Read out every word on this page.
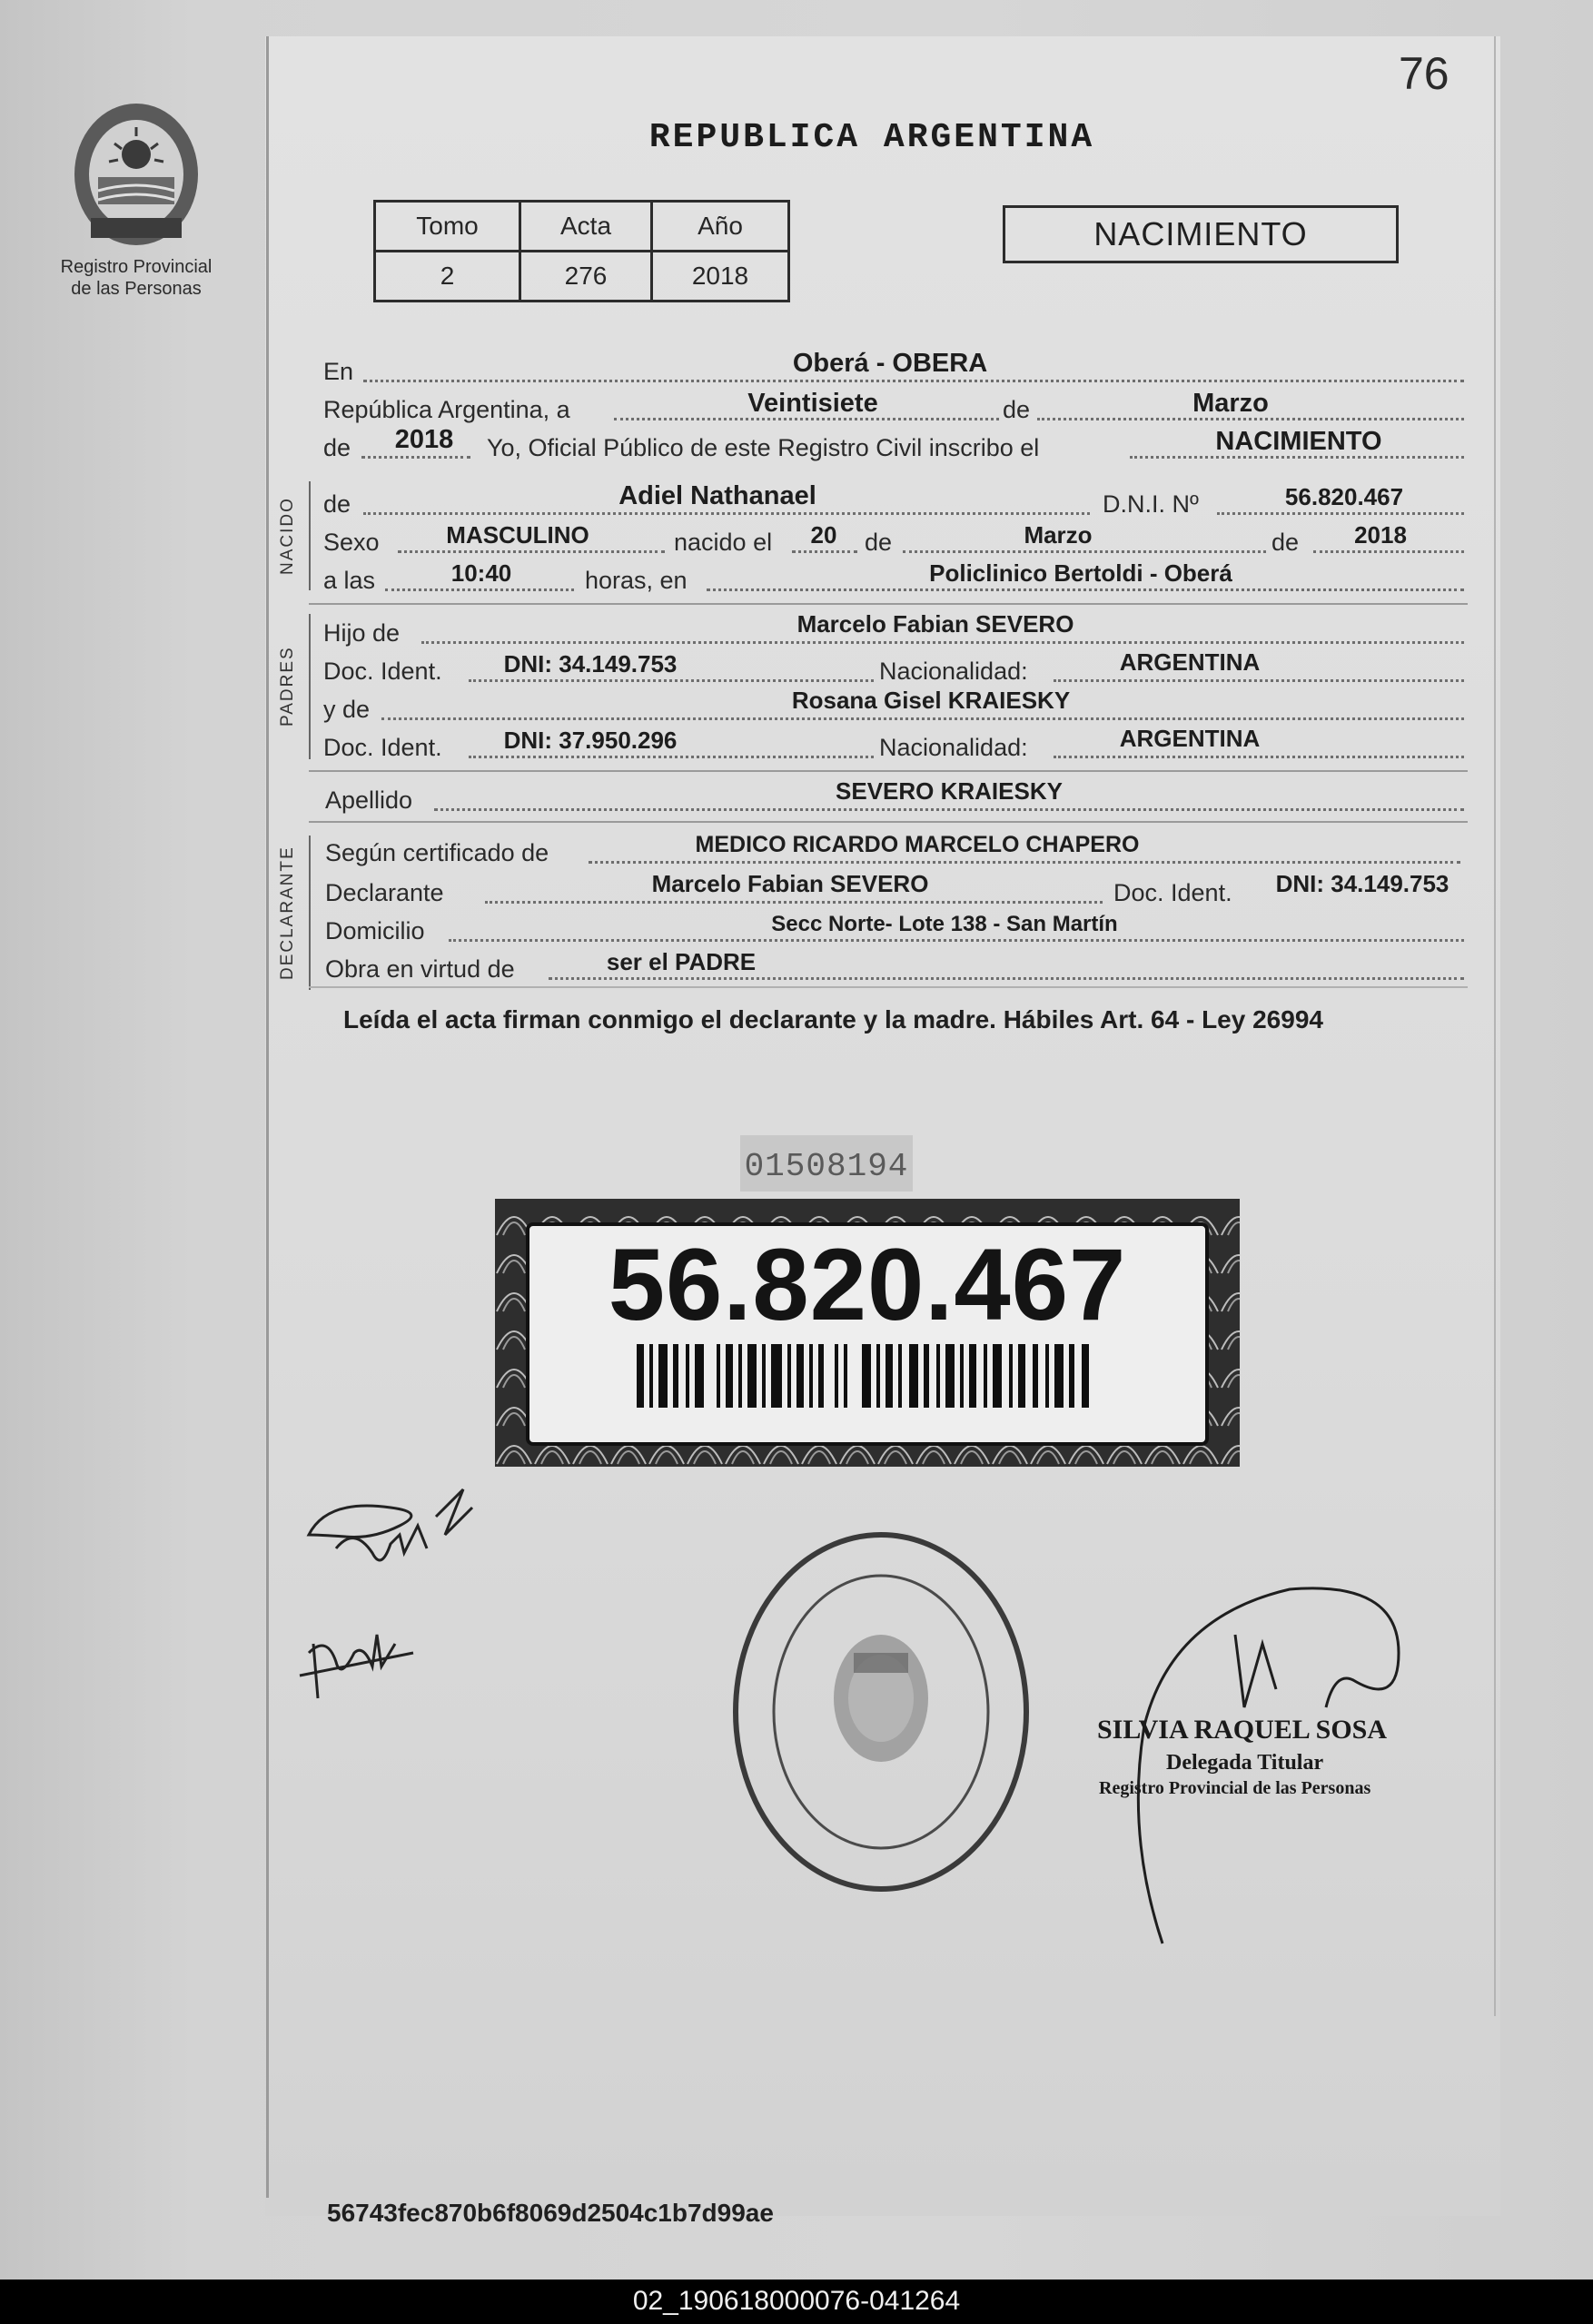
Registro Provincial
de las Personas
76
REPUBLICA ARGENTINA
Tomo	Acta	Año
2	276	2018
NACIMIENTO
En	Oberá - OBERA
República Argentina, a	Veintisiete	de	Marzo
de	2018	Yo, Oficial Público de este Registro Civil inscribo el	NACIMIENTO
NACIDO de	Adiel Nathanael	D.N.I. Nº	56.820.467
Sexo	MASCULINO	nacido el	20	de	Marzo	de	2018
a las	10:40	horas, en	Policlinico Bertoldi - Oberá
PADRES
Hijo de	Marcelo Fabian SEVERO
Doc. Ident.	DNI: 34.149.753	Nacionalidad:	ARGENTINA
y de	Rosana Gisel KRAIESKY
Doc. Ident.	DNI: 37.950.296	Nacionalidad:	ARGENTINA
Apellido	SEVERO KRAIESKY
DECLARANTE Según certificado de	MEDICO RICARDO MARCELO CHAPERO
Declarante	Marcelo Fabian SEVERO	Doc. Ident.	DNI: 34.149.753
Domicilio	Secc Norte- Lote 138 - San Martín
Obra en virtud de	ser el PADRE
Leída el acta firman conmigo el declarante y la madre. Hábiles Art. 64 - Ley 26994
01508194
56.820.467
SILVIA RAQUEL SOSA
Delegada Titular
Registro Provincial de las Personas
56743fec870b6f8069d2504c1b7d99ae
02_190618000076-041264
